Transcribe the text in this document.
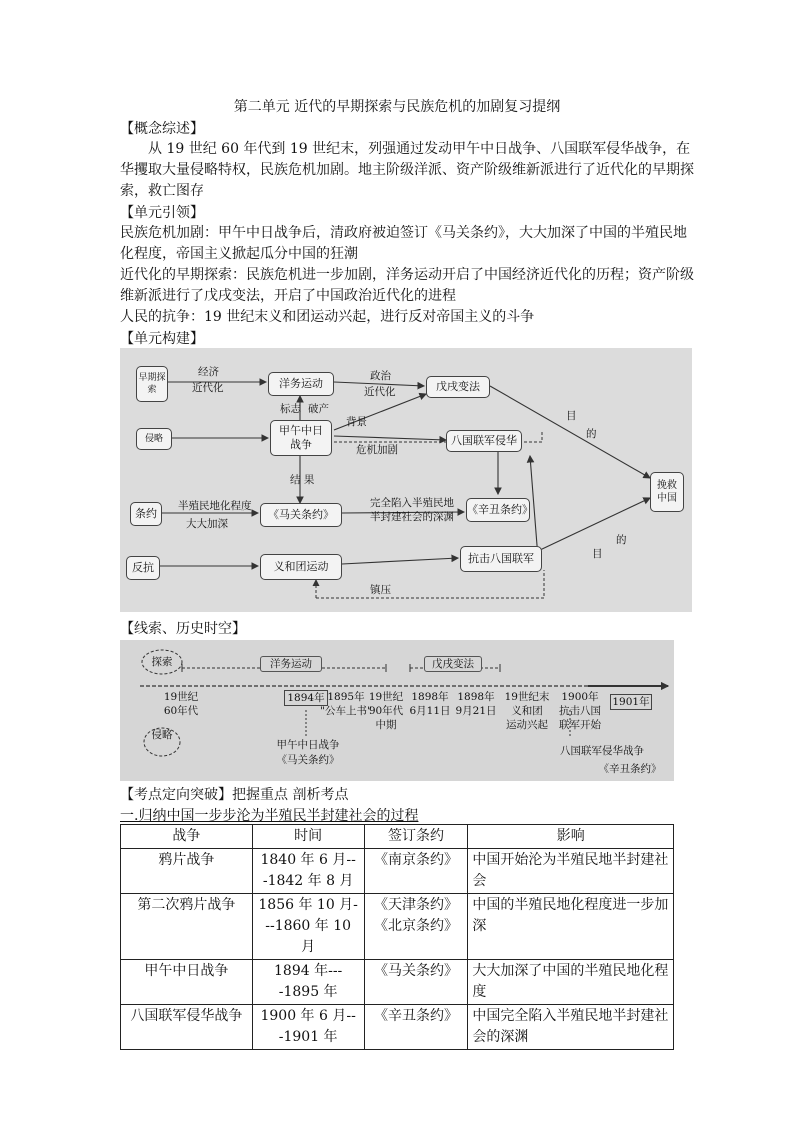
第二单元 近代的早期探索与民族危机的加剧复习提纲
【概念综述】
从 19 世纪 60 年代到 19 世纪末，列强通过发动甲午中日战争、八国联军侵华战争，在华攫取大量侵略特权，民族危机加剧。地主阶级洋派、资产阶级维新派进行了近代化的早期探索，救亡图存
【单元引领】
民族危机加剧：甲午中日战争后，清政府被迫签订《马关条约》，大大加深了中国的半殖民地化程度，帝国主义掀起瓜分中国的狂潮
近代化的早期探索：民族危机进一步加剧，洋务运动开启了中国经济近代化的历程；资产阶级维新派进行了戊戌变法，开启了中国政治近代化的进程
人民的抗争：19 世纪末义和团运动兴起，进行反对帝国主义的斗争
【单元构建】
早期探索
侵略
条约
反抗
洋务运动	戊戌变法
甲午中日战争	八国联军侵华
《马关条约》	《辛丑条约》
义和团运动
抗击八国联军
挽救中国
经济
近代化
政治
近代化
标志 破产
背景
危机加剧
结 果
半殖民地化程度
大大加深
完全陷入半殖民地
半封建社会的深渊
镇压
目
的
的
目
【线索、历史时空】
探索
侵略
洋务运动	戊戌变法
19世纪
60年代
1894年 1895年
"公车上书"
19世纪
90年代
中期
1898年
6月11日
1898年
9月21日
19世纪末
义和团
运动兴起
1900年
抗击八国
联军开始
1901年
甲午中日战争
《马关条约》
八国联军侵华战争
《辛丑条约》
【考点定向突破】把握重点 剖析考点
一.归纳中国一步步沦为半殖民半封建社会的过程
战争	时间	签订条约	影响
鸦片战争	1840 年 6 月---1842 年 8 月	《南京条约》	中国开始沦为半殖民地半封建社会
第二次鸦片战争	1856 年 10 月---1860 年 10 月	《天津条约》《北京条约》	中国的半殖民地化程度进一步加深
甲午中日战争	1894 年----1895 年	《马关条约》	大大加深了中国的半殖民地化程度
八国联军侵华战争	1900 年 6 月---1901 年	《辛丑条约》	中国完全陷入半殖民地半封建社会的深渊
